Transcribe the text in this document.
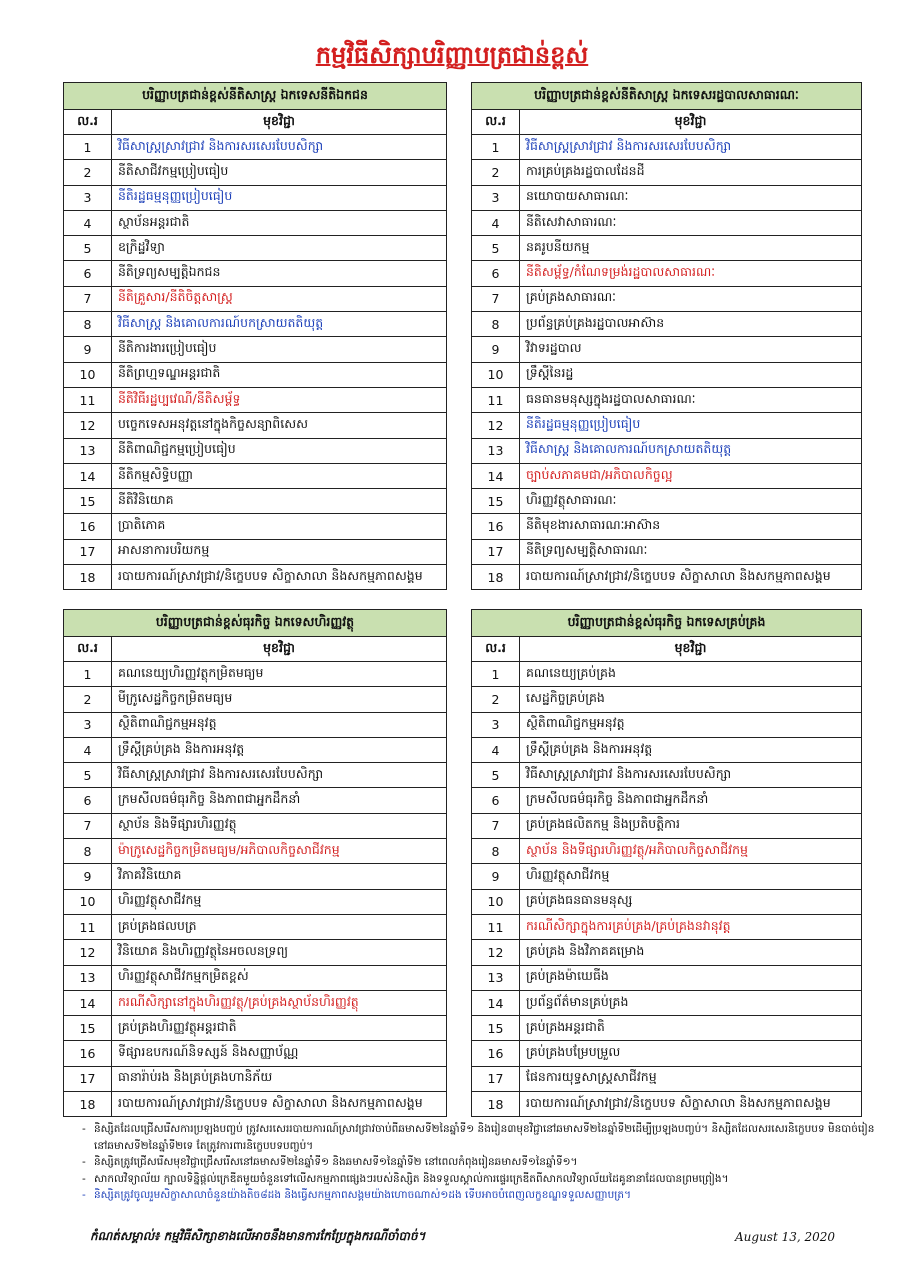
កម្មវិធីសិក្សាបរិញ្ញាបត្រជាន់ខ្ពស់
បរិញ្ញាបត្រជាន់ខ្ពស់នីតិសាស្ត្រ ឯកទេសនីតិឯកជន	
ល.រ	មុខវិជ្ជា
1	វិធីសាស្ត្រស្រាវជ្រាវ និងការសរសេរបែបសិក្សា
2	នីតិសាជីវកម្មប្រៀបធៀប
3	នីតិរដ្ឋធម្មនុញ្ញប្រៀបធៀប
4	ស្ថាប័នអន្តរជាតិ
5	ឧក្រិដ្ឋវិទ្យា
6	នីតិទ្រព្យសម្បត្តិឯកជន
7	នីតិគ្រួសារ/នីតិចិត្តសាស្ត្រ
8	វិធីសាស្ត្រ និងគោលការណ៍បកស្រាយតតិយុត្ត
9	នីតិការងារប្រៀបធៀប
10	នីតិព្រហ្មទណ្ឌអន្តរជាតិ
11	នីតិវិធីរដ្ឋប្បវេណី/នីតិសម្ព័ទ្ធ
12	បច្ចេកទេសអនុវត្តនៅក្នុងកិច្ចសន្យាពិសេស
13	នីតិពាណិជ្ជកម្មប្រៀបធៀប
14	នីតិកម្មសិទ្ធិបញ្ញា
15	នីតិវិនិយោគ
16	ប្រាតិភោគ
17	អាសនាការបរិយកម្ម
18	របាយការណ៍ស្រាវជ្រាវ/និក្ខេបបទ សិក្ខាសាលា និងសកម្មភាពសង្គម
បរិញ្ញាបត្រជាន់ខ្ពស់នីតិសាស្ត្រ ឯកទេសរដ្ឋបាលសាធារណៈ	
ល.រ	មុខវិជ្ជា
1	វិធីសាស្ត្រស្រាវជ្រាវ និងការសរសេរបែបសិក្សា
2	ការគ្រប់គ្រងរដ្ឋបាលដែនដី
3	នយោបាយសាធារណៈ
4	នីតិសេវាសាធារណៈ
5	នគរូបនីយកម្ម
6	នីតិសម្ព័ទ្ធ/កំណែទម្រង់រដ្ឋបាលសាធារណៈ
7	គ្រប់គ្រងសាធារណៈ
8	ប្រព័ន្ធគ្រប់គ្រងរដ្ឋបាលអាស៊ាន
9	វិវាទរដ្ឋបាល
10	ទ្រឹស្តីនៃរដ្ឋ
11	ធនធានមនុស្សក្នុងរដ្ឋបាលសាធារណៈ
12	នីតិរដ្ឋធម្មនុញ្ញប្រៀបធៀប
13	វិធីសាស្ត្រ និងគោលការណ៍បកស្រាយតតិយុត្ត
14	ច្បាប់សភាគមជា/អភិបាលកិច្ចល្អ
15	ហិរញ្ញវត្ថុសាធារណៈ
16	នីតិមុខងារសាធារណៈអាស៊ាន
17	នីតិទ្រព្យសម្បត្តិសាធារណៈ
18	របាយការណ៍ស្រាវជ្រាវ/និក្ខេបបទ សិក្ខាសាលា និងសកម្មភាពសង្គម
បរិញ្ញាបត្រជាន់ខ្ពស់ធុរកិច្ច ឯកទេសហិរញ្ញវត្ថុ	
ល.រ	មុខវិជ្ជា
1	គណនេយ្យហិរញ្ញវត្ថុកម្រិតមធ្យម
2	មីក្រូសេដ្ឋកិច្ចកម្រិតមធ្យម
3	ស្ថិតិពាណិជ្ជកម្មអនុវត្ត
4	ទ្រឹស្តីគ្រប់គ្រង និងការអនុវត្ត
5	វិធីសាស្ត្រស្រាវជ្រាវ និងការសរសេរបែបសិក្សា
6	ក្រមសីលធម៌ធុរកិច្ច និងភាពជាអ្នកដឹកនាំ
7	ស្ថាប័ន និងទីផ្សារហិរញ្ញវត្ថុ
8	ម៉ាក្រូសេដ្ឋកិច្ចកម្រិតមធ្យម/អភិបាលកិច្ចសាជីវកម្ម
9	វិភាគវិនិយោគ
10	ហិរញ្ញវត្ថុសាជីវកម្ម
11	គ្រប់គ្រងផលបត្រ
12	វិនិយោគ និងហិរញ្ញវត្ថុនៃអចលនទ្រព្យ
13	ហិរញ្ញវត្ថុសាជីវកម្មកម្រិតខ្ពស់
14	ករណីសិក្សានៅក្នុងហិរញ្ញវត្ថុ/គ្រប់គ្រងស្ថាប័នហិរញ្ញវត្ថុ
15	គ្រប់គ្រងហិរញ្ញវត្ថុអន្តរជាតិ
16	ទីផ្សារឧបករណ៍និទស្សន៍ និងសញ្ញាប័ណ្ណ
17	ធានារ៉ាប់រង និងគ្រប់គ្រងហានិភ័យ
18	របាយការណ៍ស្រាវជ្រាវ/និក្ខេបបទ សិក្ខាសាលា និងសកម្មភាពសង្គម
បរិញ្ញាបត្រជាន់ខ្ពស់ធុរកិច្ច ឯកទេសគ្រប់គ្រង	
ល.រ	មុខវិជ្ជា
1	គណនេយ្យគ្រប់គ្រង
2	សេដ្ឋកិច្ចគ្រប់គ្រង
3	ស្ថិតិពាណិជ្ជកម្មអនុវត្ត
4	ទ្រឹស្តីគ្រប់គ្រង និងការអនុវត្ត
5	វិធីសាស្ត្រស្រាវជ្រាវ និងការសរសេរបែបសិក្សា
6	ក្រមសីលធម៌ធុរកិច្ច និងភាពជាអ្នកដឹកនាំ
7	គ្រប់គ្រងផលិតកម្ម និងប្រតិបត្តិការ
8	ស្ថាប័ន និងទីផ្សារហិរញ្ញវត្ថុ/អភិបាលកិច្ចសាជីវកម្ម
9	ហិរញ្ញវត្ថុសាជីវកម្ម
10	គ្រប់គ្រងធនធានមនុស្ស
11	ករណីសិក្សាក្នុងការគ្រប់គ្រង/គ្រប់គ្រងនវានុវត្ត
12	គ្រប់គ្រង និងវិភាគគម្រោង
13	គ្រប់គ្រងម៉ាឃេធីង
14	ប្រព័ន្ធព័ត៌មានគ្រប់គ្រង
15	គ្រប់គ្រងអន្តរជាតិ
16	គ្រប់គ្រងបម្រែបម្រួល
17	ផែនការយុទ្ធសាស្ត្រសាជីវកម្ម
18	របាយការណ៍ស្រាវជ្រាវ/និក្ខេបបទ សិក្ខាសាលា និងសកម្មភាពសង្គម
- និស្សិតដែលជ្រើសរើសការប្រឡងបញ្ចប់ ត្រូវសរសេររបាយការណ៍ស្រាវជ្រាវចាប់ពីឆមាសទី២នៃឆ្នាំទី១ និងរៀន៣មុខវិជ្ជានៅឆមាសទី២នៃឆ្នាំទី២ដើម្បីប្រឡងបញ្ចប់។ និស្សិតដែលសរសេរនិក្ខេបបទ មិនបាច់រៀននៅឆមាសទី២នៃឆ្នាំទី២ទេ តែត្រូវការពារនិក្ខេបបទបញ្ចប់។
- និស្សិតត្រូវជ្រើសរើសមុខវិជ្ជាជ្រើសរើសនៅឆមាសទី២នៃឆ្នាំទី១ និងឆមាសទី១នៃឆ្នាំទី២ នៅពេលកំពុងរៀនឆមាសទី១នៃឆ្នាំទី១។
- សាកលវិទ្យាល័យ ក្បាលទិន្និផ្តល់ក្រេឌីតមួយចំនួនទៅលើសកម្មភាពផ្សេងៗរបស់និស្សិត និងទទួលស្គាល់ការផ្ទេរក្រេឌីតពីសាកលវិទ្យាល័យដៃគូនានាដែលបានព្រមព្រៀង។
- និស្សិតត្រូវចូលរួមសិក្ខាសាលាចំនួនយ៉ាងតិច៨ដង និងធ្វើសកម្មភាពសង្គមយ៉ាងហោចណាស់១ដង ទើបអាចបំពេញលក្ខខណ្ឌទទួលសញ្ញាបត្រ។
កំណត់សម្គាល់៖ កម្មវិធីសិក្សាខាងលើអាចនឹងមានការកែប្រែក្នុងករណីចាំបាច់។	August 13, 2020
